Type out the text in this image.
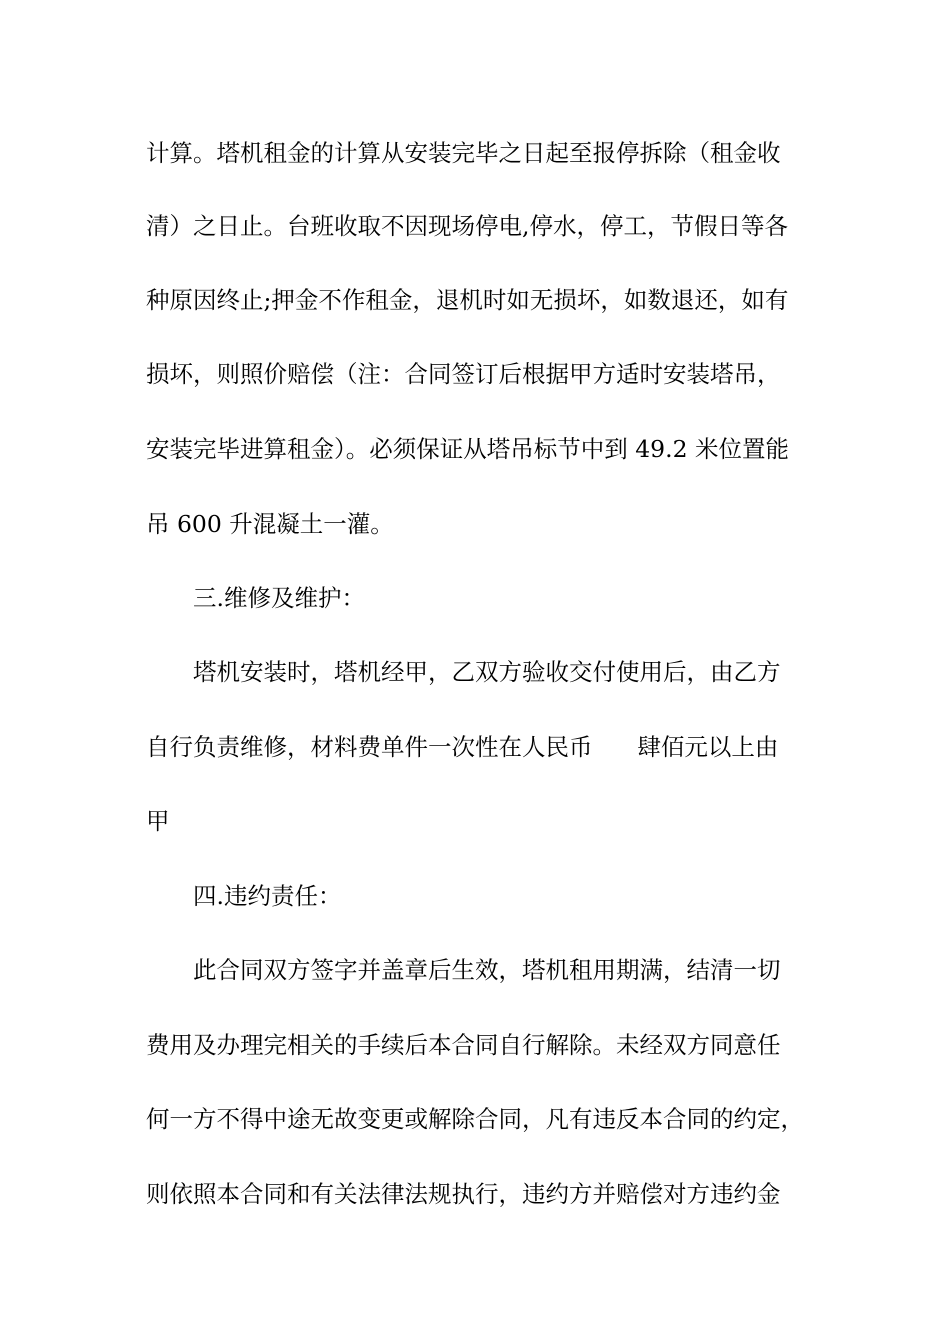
计算。塔机租金的计算从安装完毕之日起至报停拆除（租金收
清）之日止。台班收取不因现场停电,停水，停工，节假日等各
种原因终止;押金不作租金，退机时如无损坏，如数退还，如有
损坏，则照价赔偿（注：合同签订后根据甲方适时安装塔吊，
安装完毕进算租金）。必须保证从塔吊标节中到 49.2 米位置能
吊 600 升混凝土一灌。
三.维修及维护：
塔机安装时，塔机经甲，乙双方验收交付使用后，由乙方
自行负责维修，材料费单件一次性在人民币      肆佰元以上由
甲
四.违约责任：
此合同双方签字并盖章后生效，塔机租用期满，结清一切
费用及办理完相关的手续后本合同自行解除。未经双方同意任
何一方不得中途无故变更或解除合同，凡有违反本合同的约定，
则依照本合同和有关法律法规执行，违约方并赔偿对方违约金
